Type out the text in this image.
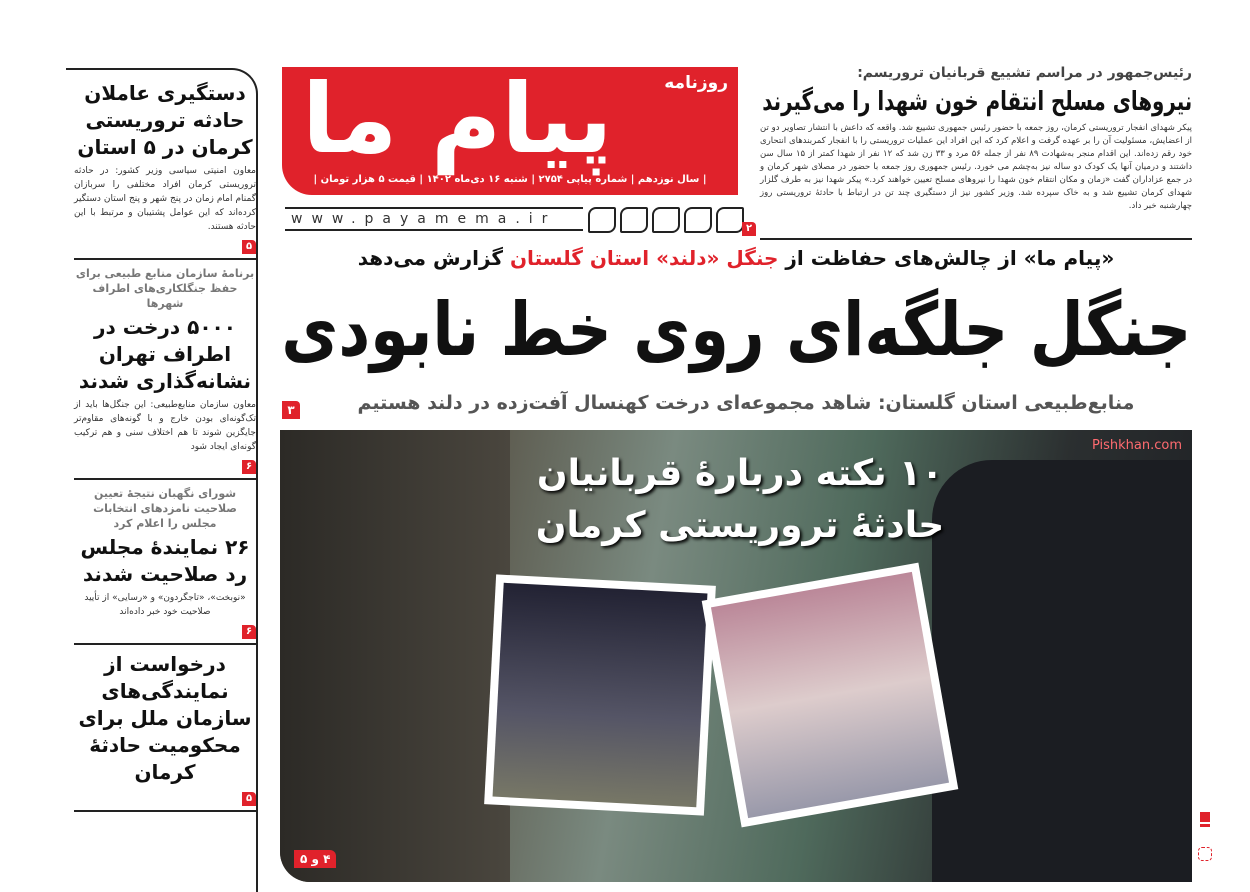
دستگیری عاملان حادثه تروریستی کرمان در ۵ استان
معاون امنیتی سیاسی وزیر کشور: در حادثه تروریستی کرمان افراد مختلفی را سربازان گمنام امام زمان در پنج شهر و پنج استان دستگیر کرده‌اند که این عوامل پشتیبان و مرتبط با این حادثه هستند.
۵
برنامهٔ سازمان منابع طبیعی برای حفظ جنگلکاری‌های اطراف شهرها
۵۰۰۰ درخت در اطراف تهران نشانه‌گذاری شدند
معاون سازمان منابع‌طبیعی: این جنگل‌ها باید از تک‌گونه‌ای بودن خارج و با گونه‌های مقاوم‌تر جایگزین شوند تا هم اختلاف سنی و هم ترکیب گونه‌ای ایجاد شود
۶
شورای نگهبان نتیجهٔ تعیین صلاحیت نامزدهای انتخابات مجلس را اعلام کرد
۲۶ نمایندهٔ مجلس رد صلاحیت شدند
«نوبخت»، «تاجگردون» و «رسایی» از تأیید صلاحیت خود خبر داده‌اند
۶
درخواست از نمایندگی‌های سازمان ملل برای محکومیت حادثهٔ کرمان
۵
روزنامه
پیام ما
| سال نوزدهم | شماره پیاپی ۲۷۵۴ | شنبه ۱۶ دی‌ماه ۱۴۰۲ | قیمت ۵ هزار تومان |
www.payamema.ir
رئیس‌جمهور در مراسم تشییع قربانیان تروریسم:
نیروهای مسلح انتقام خون شهدا را می‌گیرند
پیکر شهدای انفجار تروریستی کرمان، روز جمعه با حضور رئیس جمهوری تشییع شد. واقعه که داعش با انتشار تصاویر دو تن از اعضایش، مسئولیت آن را بر عهده گرفت و اعلام کرد که این افراد این عملیات تروریستی را با انفجار کمربندهای انتحاری خود رقم زده‌اند. این اقدام منجر به‌شهادت ۸۹ نفر از جمله ۵۶ مرد و ۳۳ زن شد که ۱۲ نفر از شهدا کمتر از ۱۵ سال سن داشتند و درمیان آنها یک کودک دو ساله نیز به‌چشم می خورد. رئیس جمهوری روز جمعه با حضور در مصلای شهر کرمان و در جمع عزاداران گفت «زمان و مکان انتقام خون شهدا را نیروهای مسلح تعیین خواهند کرد.» پیکر شهدا نیز به طرف گلزار شهدای کرمان تشییع شد و به خاک سپرده شد. وزیر کشور نیز از دستگیری چند تن در ارتباط با حادثهٔ تروریستی روز چهارشنبه خبر داد.
۲
«پیام ما» از چالش‌های حفاظت از جنگل «دلند» استان گلستان گزارش می‌دهد
جنگل جلگه‌ای روی خط نابودی
منابع‌طبیعی استان گلستان: شاهد مجموعه‌ای درخت کهنسال آفت‌زده در دلند هستیم
۳
۱۰ نکته دربارهٔ قربانیان
حادثهٔ تروریستی کرمان
Pishkhan.com
۴ و ۵
